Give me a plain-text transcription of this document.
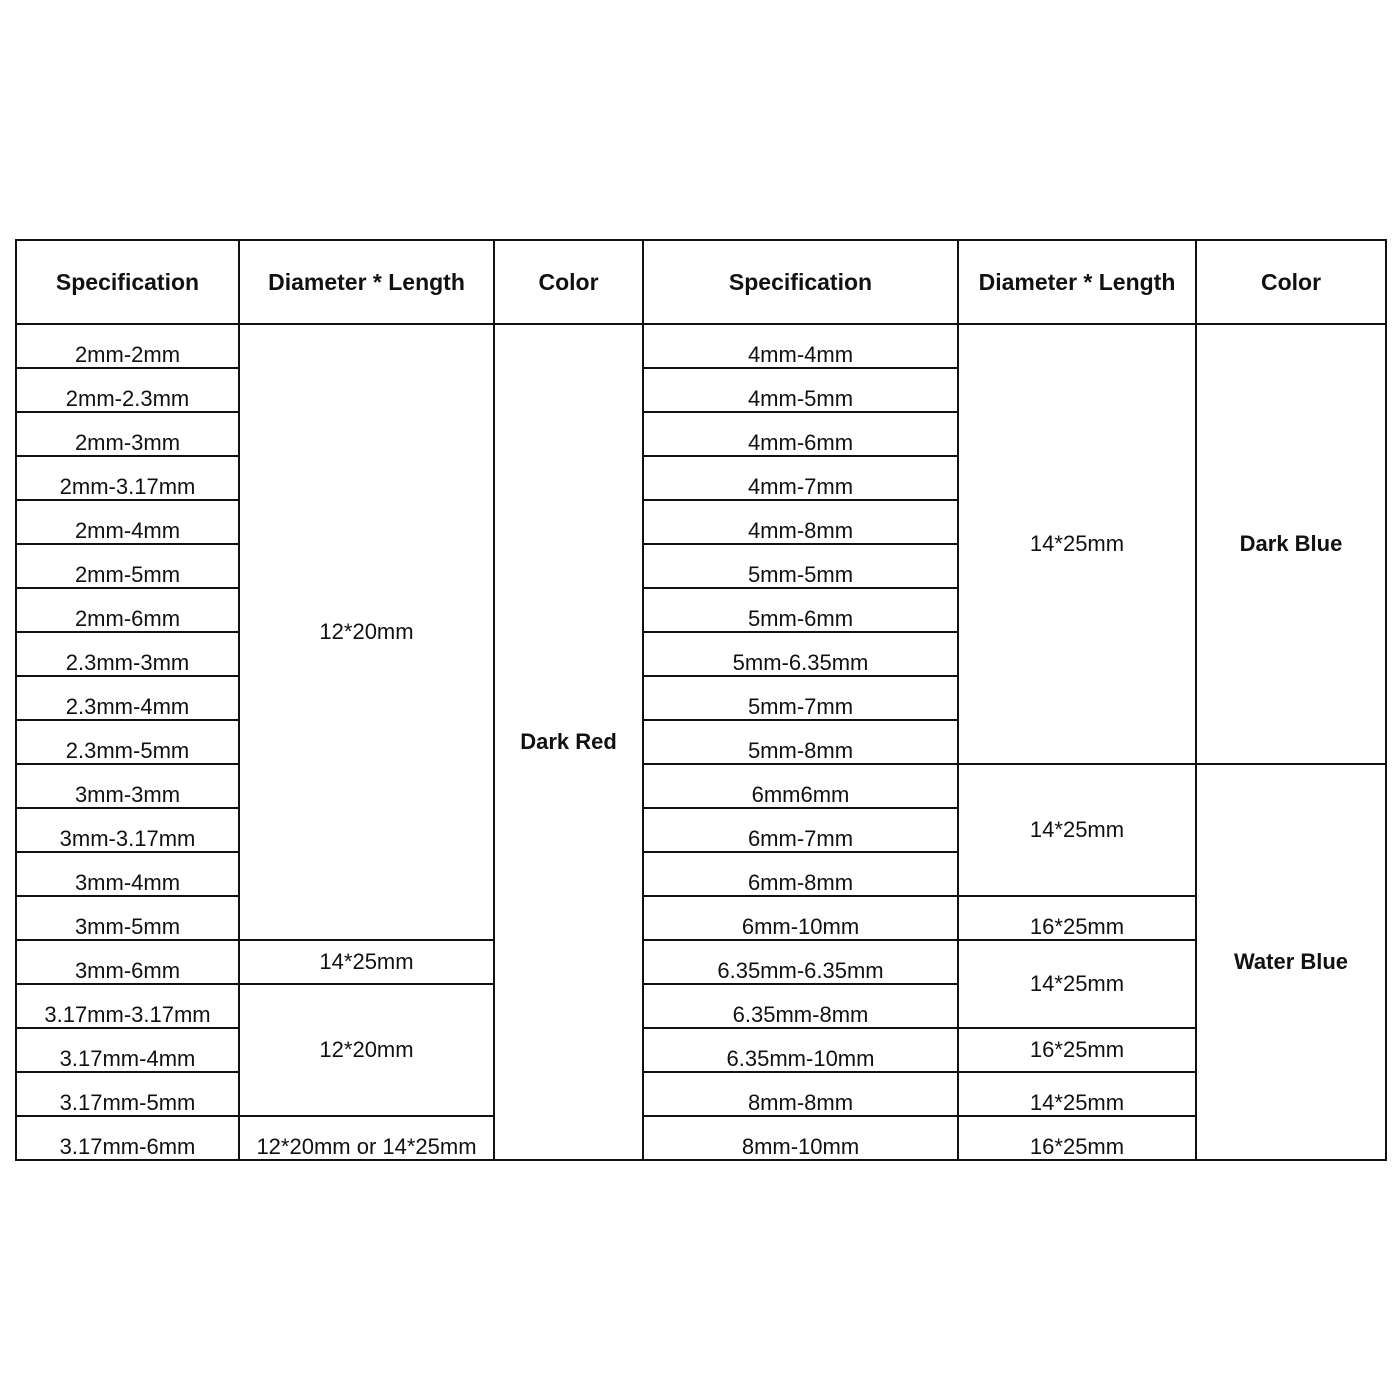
Specification	Diameter * Length	Color	Specification	Diameter * Length	Color
2mm-2mm	12*20mm	Dark Red	4mm-4mm	14*25mm	Dark Blue
2mm-2.3mm			4mm-5mm		
2mm-3mm			4mm-6mm		
2mm-3.17mm			4mm-7mm		
2mm-4mm			4mm-8mm		
2mm-5mm			5mm-5mm		
2mm-6mm			5mm-6mm		
2.3mm-3mm			5mm-6.35mm		
2.3mm-4mm			5mm-7mm		
2.3mm-5mm			5mm-8mm		
3mm-3mm			6mm6mm	14*25mm	Water Blue
3mm-3.17mm			6mm-7mm		
3mm-4mm			6mm-8mm		
3mm-5mm			6mm-10mm	16*25mm	
3mm-6mm	14*25mm		6.35mm-6.35mm	14*25mm	
3.17mm-3.17mm	12*20mm		6.35mm-8mm		
3.17mm-4mm			6.35mm-10mm	16*25mm	
3.17mm-5mm			8mm-8mm	14*25mm	
3.17mm-6mm	12*20mm or 14*25mm		8mm-10mm	16*25mm	
